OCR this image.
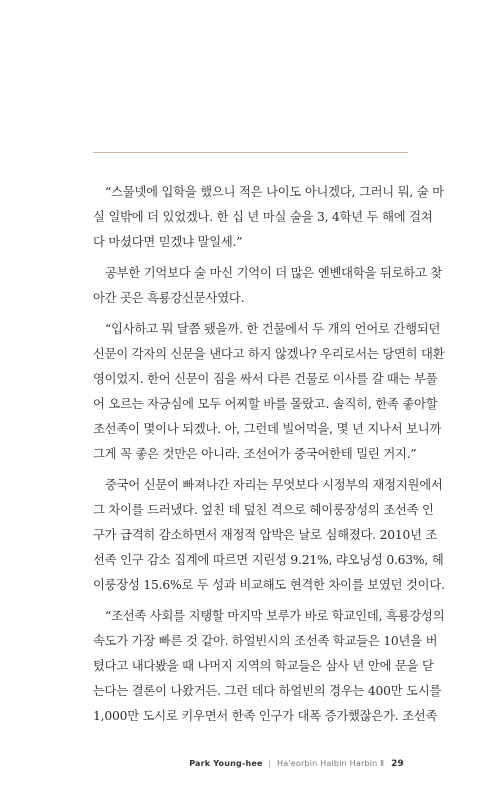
“스물넷에 입학을 했으니 적은 나이도 아니겠다, 그러니 뭐, 술 마
실 일밖에 더 있었겠나. 한 십 년 마실 술을 3, 4학년 두 해에 걸쳐
다 마셨다면 믿겠냐 말일세.”
공부한 기억보다 술 마신 기억이 더 많은 옌볜대학을 뒤로하고 찾
아간 곳은 흑룡강신문사였다.
“입사하고 뭐 달쯤 됐을까. 한 건물에서 두 개의 언어로 간행되던
신문이 각자의 신문을 낸다고 하지 않겠나? 우리로서는 당연히 대환
영이었지. 한어 신문이 짐을 싸서 다른 건물로 이사를 갈 때는 부풀
어 오르는 자긍심에 모두 어찌할 바를 몰랐고. 솔직히, 한족 좋아할
조선족이 몇이나 되겠나. 아, 그런데 빌어먹을, 몇 년 지나서 보니까
그게 꼭 좋은 것만은 아니라. 조선어가 중국어한테 밀린 거지.”
중국어 신문이 빠져나간 자리는 무엇보다 시정부의 재정지원에서
그 차이를 드러냈다. 엎친 데 덮친 격으로 헤이룽장성의 조선족 인
구가 급격히 감소하면서 재정적 압박은 날로 심해졌다. 2010년 조
선족 인구 감소 집계에 따르면 지린성 9.21%, 랴오닝성 0.63%, 헤
이룽장성 15.6%로 두 성과 비교해도 현격한 차이를 보였던 것이다.
“조선족 사회를 지탱할 마지막 보루가 바로 학교인데, 흑룡강성의
속도가 가장 빠른 것 같아. 하얼빈시의 조선족 학교들은 10년을 버
텼다고 내다봤을 때 나머지 지역의 학교들은 삼사 년 안에 문을 닫
는다는 결론이 나왔거든. 그런 데다 하얼빈의 경우는 400만 도시를
1,000만 도시로 키우면서 한족 인구가 대폭 증가했잖은가. 조선족
Park Young-hee | Ha'eorbin Halbin Harbin Ⅱ 29
